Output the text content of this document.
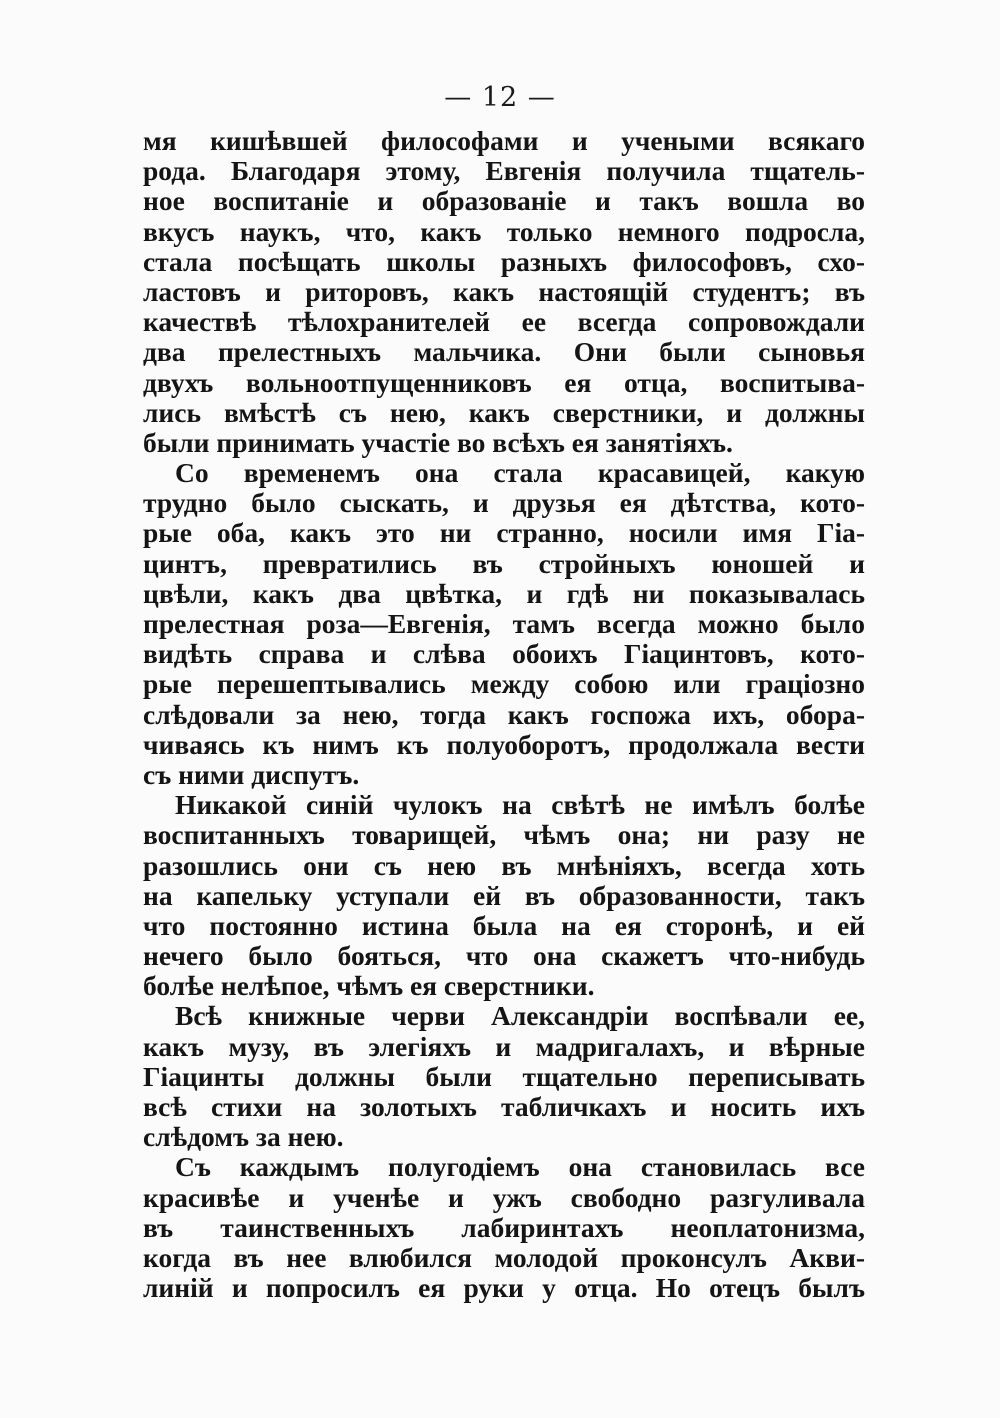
— 12 —
мя кишѣвшей философами и учеными всякаго
рода. Благодаря этому, Евгенія получила тщатель-
ное воспитаніе и образованіе и такъ вошла во
вкусъ наукъ, что, какъ только немного подросла,
стала посѣщать школы разныхъ философовъ, схо-
ластовъ и риторовъ, какъ настоящій студентъ; въ
качествѣ тѣлохранителей ее всегда сопровождали
два прелестныхъ мальчика. Они были сыновья
двухъ вольноотпущенниковъ ея отца, воспитыва-
лись вмѣстѣ съ нею, какъ сверстники, и должны
были принимать участіе во всѣхъ ея занятіяхъ.
Со временемъ она стала красавицей, какую
трудно было сыскать, и друзья ея дѣтства, кото-
рые оба, какъ это ни странно, носили имя Гіа-
цинтъ, превратились въ стройныхъ юношей и
цвѣли, какъ два цвѣтка, и гдѣ ни показывалась
прелестная роза—Евгенія, тамъ всегда можно было
видѣть справа и слѣва обоихъ Гіацинтовъ, кото-
рые перешептывались между собою или граціозно
слѣдовали за нею, тогда какъ госпожа ихъ, обора-
чиваясь къ нимъ къ полуоборотъ, продолжала вести
съ ними диспутъ.
Никакой синій чулокъ на свѣтѣ не имѣлъ болѣе
воспитанныхъ товарищей, чѣмъ она; ни разу не
разошлись они съ нею въ мнѣніяхъ, всегда хоть
на капельку уступали ей въ образованности, такъ
что постоянно истина была на ея сторонѣ, и ей
нечего было бояться, что она скажетъ что-нибудь
болѣе нелѣпое, чѣмъ ея сверстники.
Всѣ книжные черви Александріи воспѣвали ее,
какъ музу, въ элегіяхъ и мадригалахъ, и вѣрные
Гіацинты должны были тщательно переписывать
всѣ стихи на золотыхъ табличкахъ и носить ихъ
слѣдомъ за нею.
Съ каждымъ полугодіемъ она становилась все
красивѣе и ученѣе и ужъ свободно разгуливала
въ таинственныхъ лабиринтахъ неоплатонизма,
когда въ нее влюбился молодой проконсулъ Акви-
линій и попросилъ ея руки у отца. Но отецъ былъ
